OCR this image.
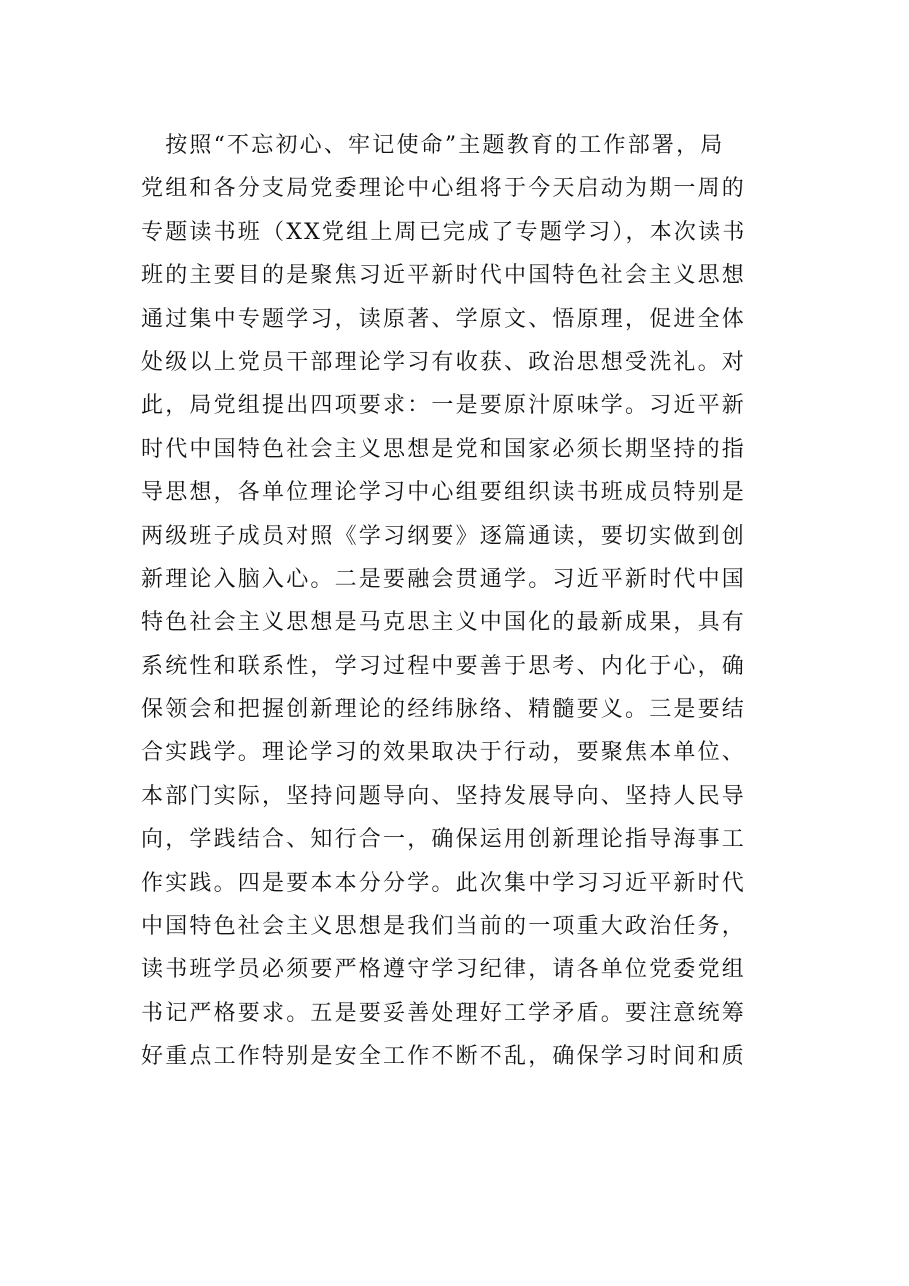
　按照“不忘初心、牢记使命”主题教育的工作部署，局
党组和各分支局党委理论中心组将于今天启动为期一周的
专题读书班（XX党组上周已完成了专题学习），本次读书
班的主要目的是聚焦习近平新时代中国特色社会主义思想
通过集中专题学习，读原著、学原文、悟原理，促进全体
处级以上党员干部理论学习有收获、政治思想受洗礼。对
此，局党组提出四项要求：一是要原汁原味学。习近平新
时代中国特色社会主义思想是党和国家必须长期坚持的指
导思想，各单位理论学习中心组要组织读书班成员特别是
两级班子成员对照《学习纲要》逐篇通读，要切实做到创
新理论入脑入心。二是要融会贯通学。习近平新时代中国
特色社会主义思想是马克思主义中国化的最新成果，具有
系统性和联系性，学习过程中要善于思考、内化于心，确
保领会和把握创新理论的经纬脉络、精髓要义。三是要结
合实践学。理论学习的效果取决于行动，要聚焦本单位、
本部门实际，坚持问题导向、坚持发展导向、坚持人民导
向，学践结合、知行合一，确保运用创新理论指导海事工
作实践。四是要本本分分学。此次集中学习习近平新时代
中国特色社会主义思想是我们当前的一项重大政治任务，
读书班学员必须要严格遵守学习纪律，请各单位党委党组
书记严格要求。五是要妥善处理好工学矛盾。要注意统筹
好重点工作特别是安全工作不断不乱，确保学习时间和质
